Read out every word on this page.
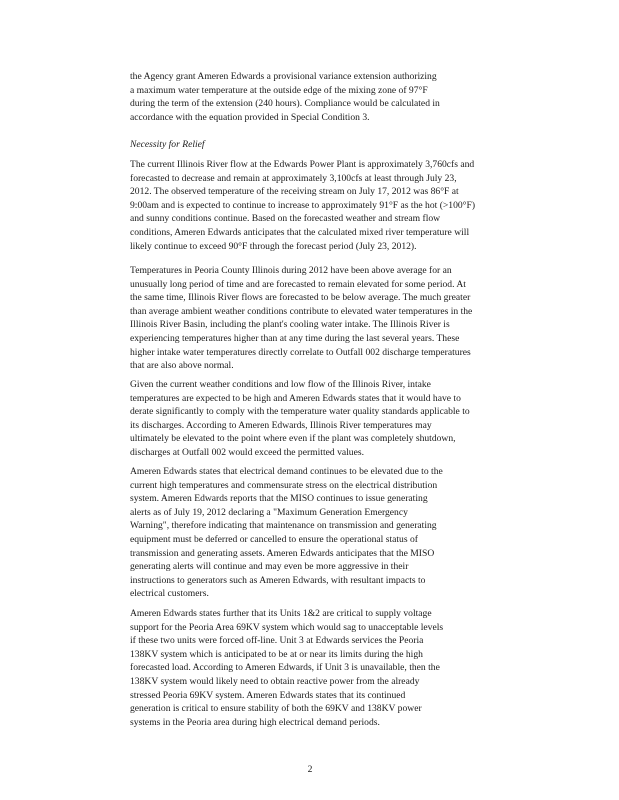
the Agency grant Ameren Edwards a provisional variance extension authorizing
a maximum water temperature at the outside edge of the mixing zone of 97°F
during the term of the extension (240 hours). Compliance would be calculated in
accordance with the equation provided in Special Condition 3.
Necessity for Relief
The current Illinois River flow at the Edwards Power Plant is approximately 3,760cfs and
forecasted to decrease and remain at approximately 3,100cfs at least through July 23,
2012. The observed temperature of the receiving stream on July 17, 2012 was 86°F at
9:00am and is expected to continue to increase to approximately 91°F as the hot (>100°F)
and sunny conditions continue. Based on the forecasted weather and stream flow
conditions, Ameren Edwards anticipates that the calculated mixed river temperature will
likely continue to exceed 90°F through the forecast period (July 23, 2012).
Temperatures in Peoria County Illinois during 2012 have been above average for an
unusually long period of time and are forecasted to remain elevated for some period. At
the same time, Illinois River flows are forecasted to be below average. The much greater
than average ambient weather conditions contribute to elevated water temperatures in the
Illinois River Basin, including the plant's cooling water intake. The Illinois River is
experiencing temperatures higher than at any time during the last several years. These
higher intake water temperatures directly correlate to Outfall 002 discharge temperatures
that are also above normal.
Given the current weather conditions and low flow of the Illinois River, intake
temperatures are expected to be high and Ameren Edwards states that it would have to
derate significantly to comply with the temperature water quality standards applicable to
its discharges. According to Ameren Edwards, Illinois River temperatures may
ultimately be elevated to the point where even if the plant was completely shutdown,
discharges at Outfall 002 would exceed the permitted values.
Ameren Edwards states that electrical demand continues to be elevated due to the
current high temperatures and commensurate stress on the electrical distribution
system. Ameren Edwards reports that the MISO continues to issue generating
alerts as of July 19, 2012 declaring a "Maximum Generation Emergency
Warning", therefore indicating that maintenance on transmission and generating
equipment must be deferred or cancelled to ensure the operational status of
transmission and generating assets. Ameren Edwards anticipates that the MISO
generating alerts will continue and may even be more aggressive in their
instructions to generators such as Ameren Edwards, with resultant impacts to
electrical customers.
Ameren Edwards states further that its Units 1&2 are critical to supply voltage
support for the Peoria Area 69KV system which would sag to unacceptable levels
if these two units were forced off-line. Unit 3 at Edwards services the Peoria
138KV system which is anticipated to be at or near its limits during the high
forecasted load. According to Ameren Edwards, if Unit 3 is unavailable, then the
138KV system would likely need to obtain reactive power from the already
stressed Peoria 69KV system. Ameren Edwards states that its continued
generation is critical to ensure stability of both the 69KV and 138KV power
systems in the Peoria area during high electrical demand periods.
2
